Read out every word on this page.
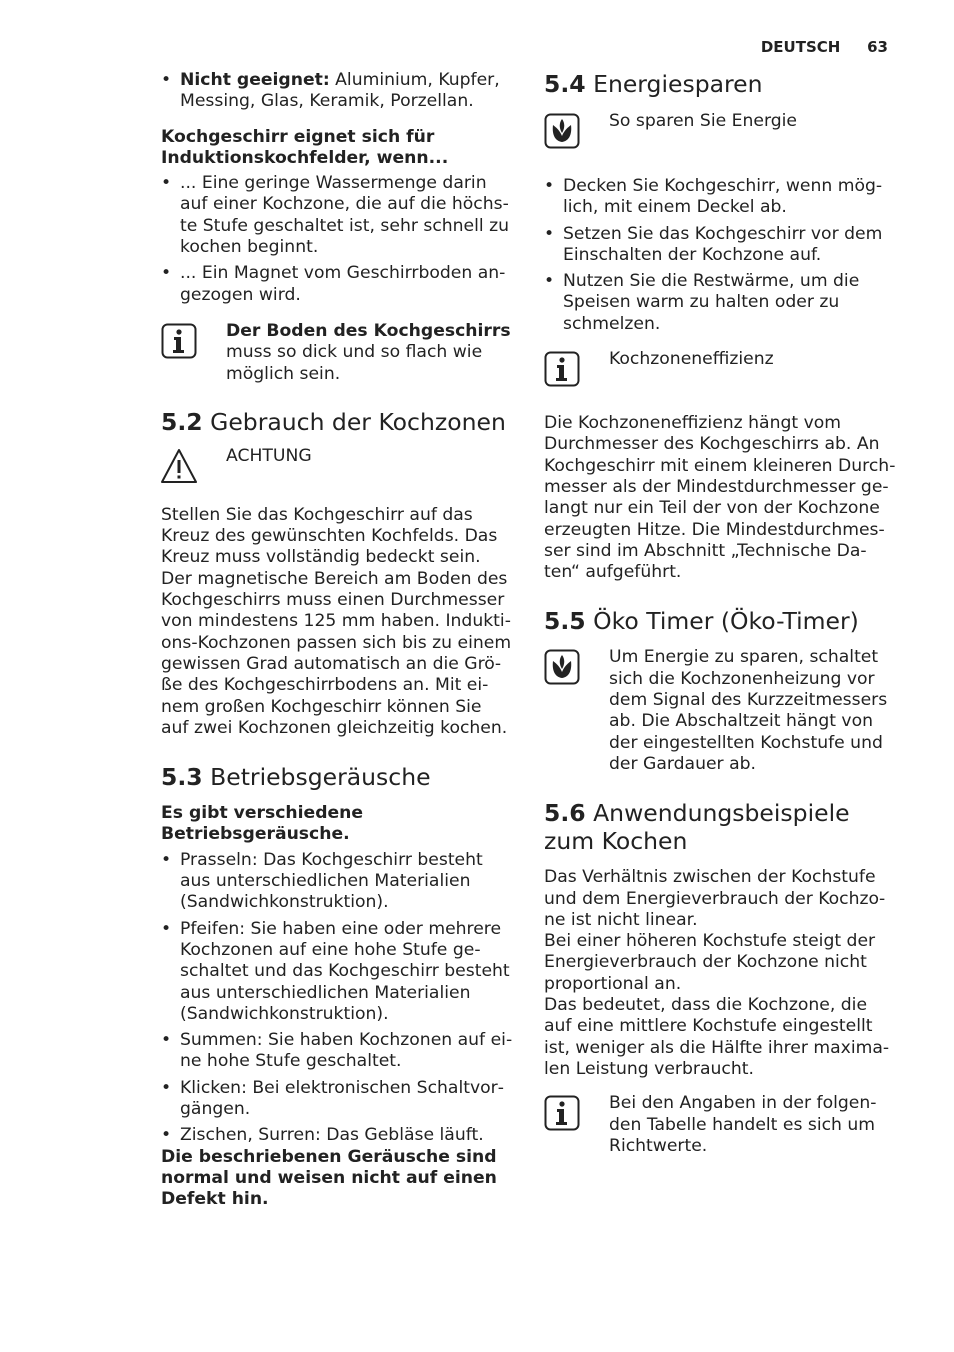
DEUTSCH 63
• Nicht geeignet: Aluminium, Kupfer, Messing, Glas, Keramik, Porzellan.

Kochgeschirr eignet sich für Induktionskochfelder, wenn...

• ... Eine geringe Wassermenge darin auf einer Kochzone, die auf die höchste Stufe geschaltet ist, sehr schnell zu kochen beginnt.
• ... Ein Magnet vom Geschirrboden angezogen wird.

Der Boden des Kochgeschirrs

muss so dick und so flach wie möglich sein.

5.2 Gebrauch der Kochzonen

ACHTUNG

Stellen Sie das Kochgeschirr auf das Kreuz des gewünschten Kochfelds. Das Kreuz muss vollständig bedeckt sein. Der magnetische Bereich am Boden des Kochgeschirrs muss einen Durchmesser von mindestens 125 mm haben. Induktions-Kochzonen passen sich bis zu einem gewissen Grad automatisch an die Größe des Kochgeschirrbodens an. Mit einem großen Kochgeschirr können Sie auf zwei Kochzonen gleichzeitig kochen.

5.3 Betriebsgeräusche

Es gibt verschiedene Betriebsgeräusche.

• Prasseln: Das Kochgeschirr besteht aus unterschiedlichen Materialien (Sandwichkonstruktion).
• Pfeifen: Sie haben eine oder mehrere Kochzonen auf eine hohe Stufe geschaltet und das Kochgeschirr besteht aus unterschiedlichen Materialien (Sandwichkonstruktion).
• Summen: Sie haben Kochzonen auf eine hohe Stufe geschaltet.
• Klicken: Bei elektronischen Schaltvorgängen.
• Zischen, Surren: Das Gebläse läuft.

Die beschriebenen Geräusche sind normal und weisen nicht auf einen Defekt hin.

5.4 Energiesparen

So sparen Sie Energie

• Decken Sie Kochgeschirr, wenn möglich, mit einem Deckel ab.
• Setzen Sie das Kochgeschirr vor dem Einschalten der Kochzone auf.
• Nutzen Sie die Restwärme, um die Speisen warm zu halten oder zu schmelzen.

Kochzoneneffizienz

Die Kochzoneneffizienz hängt vom Durchmesser des Kochgeschirrs ab. An Kochgeschirr mit einem kleineren Durchmesser als der Mindestdurchmesser gelangt nur ein Teil der von der Kochzone erzeugten Hitze. Die Mindestdurchmesser sind im Abschnitt „Technische Daten“ aufgeführt.

5.5 Öko Timer (Öko-Timer)

Um Energie zu sparen, schaltet sich die Kochzonenheizung vor dem Signal des Kurzzeitmessers ab. Die Abschaltzeit hängt von der eingestellten Kochstufe und der Gardauer ab.

5.6 Anwendungsbeispiele zum Kochen

Das Verhältnis zwischen der Kochstufe und dem Energieverbrauch der Kochzone ist nicht linear.

Bei einer höheren Kochstufe steigt der Energieverbrauch der Kochzone nicht proportional an.

Das bedeutet, dass die Kochzone, die auf eine mittlere Kochstufe eingestellt ist, weniger als die Hälfte ihrer maximalen Leistung verbraucht.

Bei den Angaben in der folgenden Tabelle handelt es sich um Richtwerte.
